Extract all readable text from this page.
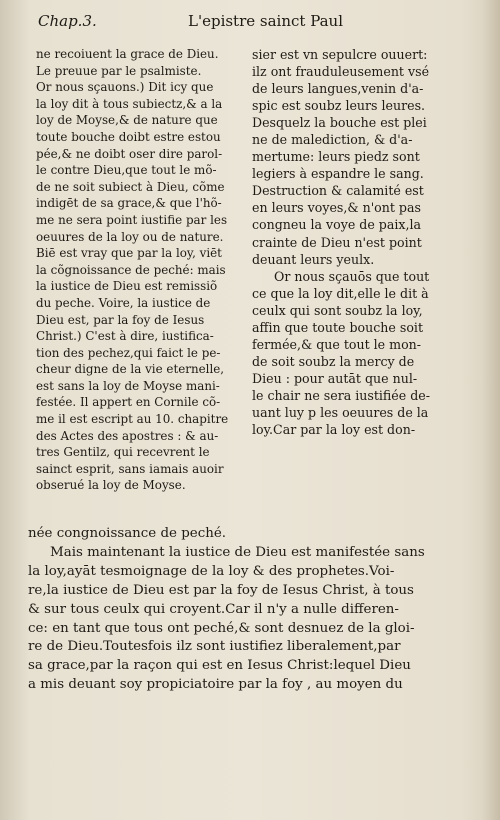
Chap.3.	L'epistre sainct Paul
ne recoiuent la grace de Dieu.
Le preuue par le psalmiste.
Or nous sçauons.) Dit icy que
la loy dit à tous subiectz,& a la
loy de Moyse,& de nature que
toute bouche doibt estre estou
pée,& ne doibt oser dire parol-
le contre Dieu,que tout le mõ-
de ne soit subiect à Dieu, cõme
indigēt de sa grace,& que l'hõ-
me ne sera point iustifie par les
oeuures de la loy ou de nature.
Biē est vray que par la loy, viēt
la cõgnoissance de peché: mais
la iustice de Dieu est remissiõ
du peche. Voire, la iustice de
Dieu est, par la foy de Iesus
Christ.) C'est à dire, iustifica-
tion des pechez,qui faict le pe-
cheur digne de la vie eternelle,
est sans la loy de Moyse mani-
festée. Il appert en Cornile cõ-
me il est escript au 10. chapitre
des Actes des apostres : & au-
tres Gentilz, qui recevrent le
sainct esprit, sans iamais auoir
obserué la loy de Moyse.
sier est vn sepulcre ouuert:
ilz ont frauduleusement vsé
de leurs langues,venin d'a-
spic est soubz leurs leures.
Desquelz la bouche est plei
ne de malediction, & d'a-
mertume: leurs piedz sont
legiers à espandre le sang.
Destruction & calamité est
en leurs voyes,& n'ont pas
congneu la voye de paix,la
crainte de Dieu n'est point
deuant leurs yeulx.
Or nous sçauōs que tout
ce que la loy dit,elle le dit à
ceulx qui sont soubz la loy,
affin que toute bouche soit
fermée,& que tout le mon-
de soit soubz la mercy de
Dieu : pour autāt que nul-
le chair ne sera iustifiée de-
uant luy p les oeuures de la
loy.Car par la loy est don-
née congnoissance de peché.
Mais maintenant la iustice de Dieu est manifestée sans
la loy,ayāt tesmoignage de la loy & des prophetes.Voi-
re,la iustice de Dieu est par la foy de Iesus Christ, à tous
& sur tous ceulx qui croyent.Car il n'y a nulle differen-
ce: en tant que tous ont peché,& sont desnuez de la gloi-
re de Dieu.Toutesfois ilz sont iustifiez liberalement,par
sa grace,par la raçon qui est en Iesus Christ:lequel Dieu
a mis deuant soy propiciatoire par la foy , au moyen du
